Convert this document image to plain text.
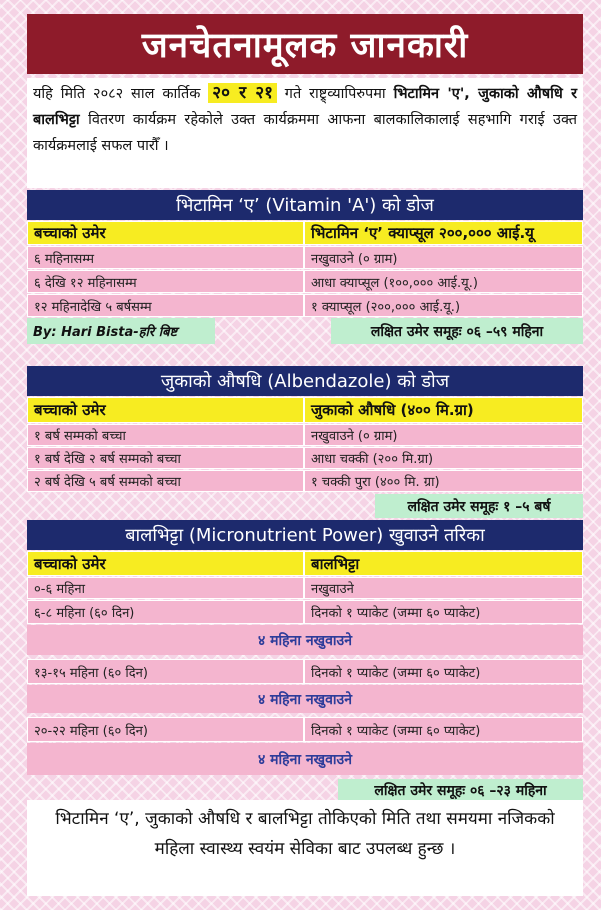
जनचेतनामूलक जानकारी
यहि मिति २०८२ साल कार्तिक २० र २१ गते राष्ट्र्व्यापिरुपमा भिटामिन 'ए', जुकाको औषधि र बालभिट्टा वितरण कार्यक्रम रहेकोले उक्त कार्यक्रममा आफना बालकालिकालाई सहभागि गराई उक्त कार्यक्रमलाई सफल पारौँ ।
भिटामिन ‘ए’ (Vitamin 'A') को डोज
बच्चाको उमेर	भिटामिन ‘ए’ क्याप्सूल २००,००० आई.यू
६ महिनासम्म	नखुवाउने (० ग्राम)
६ देखि १२ महिनासम्म	आधा क्याप्सूल (१००,००० आई.यू.)
१२ महिनादेखि ५ बर्षसम्म	१ क्याप्सूल (२००,००० आई.यू.)
By: Hari Bista-हरि बिष्ट	लक्षित उमेर समूहः ०६ –५९ महिना
जुकाको औषधि (Albendazole) को डोज
बच्चाको उमेर	जुकाको औषधि (४०० मि.ग्रा)
१ बर्ष सम्मको बच्चा	नखुवाउने (० ग्राम)
१ बर्ष देखि २ बर्ष सम्मको बच्चा	आधा चक्की (२०० मि.ग्रा)
२ बर्ष देखि ५ बर्ष सम्मको बच्चा	१ चक्की पुरा (४०० मि. ग्रा)
लक्षित उमेर समूहः १ –५ बर्ष
बालभिट्टा (Micronutrient Power) खुवाउने तरिका
बच्चाको उमेर	बालभिट्टा
०-६ महिना	नखुवाउने
६-८ महिना (६० दिन)	दिनको १ प्याकेट (जम्मा ६० प्याकेट)
४ महिना नखुवाउने
१३-१५ महिना (६० दिन)	दिनको १ प्याकेट (जम्मा ६० प्याकेट)
४ महिना नखुवाउने
२०-२२ महिना (६० दिन)	दिनको १ प्याकेट (जम्मा ६० प्याकेट)
४ महिना नखुवाउने
लक्षित उमेर समूहः ०६ –२३ महिना
भिटामिन ‘ए’, जुकाको औषधि र बालभिट्टा तोकिएको मिति तथा समयमा नजिकको महिला स्वास्थ्य स्वयंम सेविका बाट उपलब्ध हुन्छ ।
